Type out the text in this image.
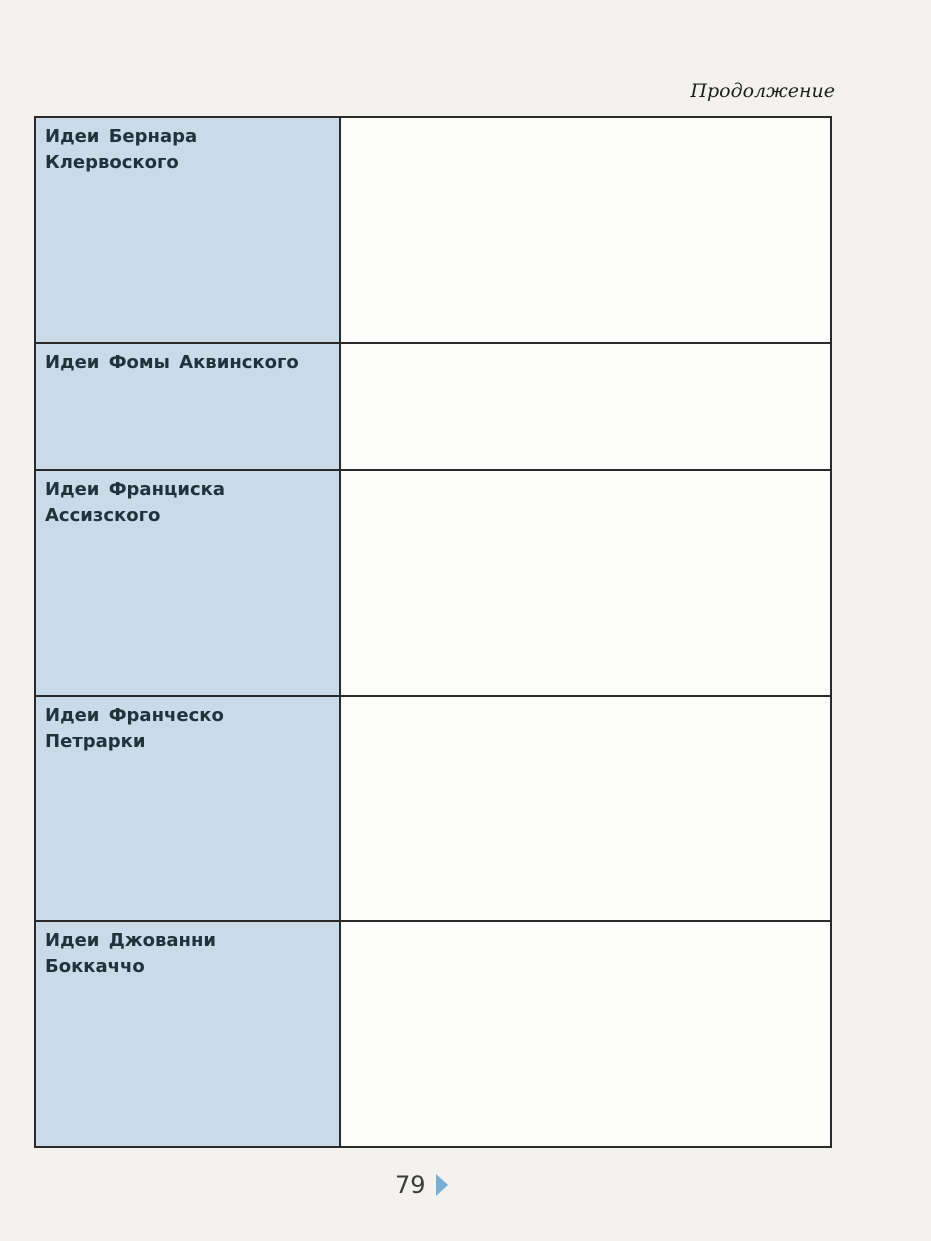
Продолжение

Идеи Бернара
Клервоского	

Идеи Фомы Аквинского	

Идеи Франциска
Ассизского	

Идеи Франческо
Петрарки	

Идеи Джованни
Боккаччо	

79
